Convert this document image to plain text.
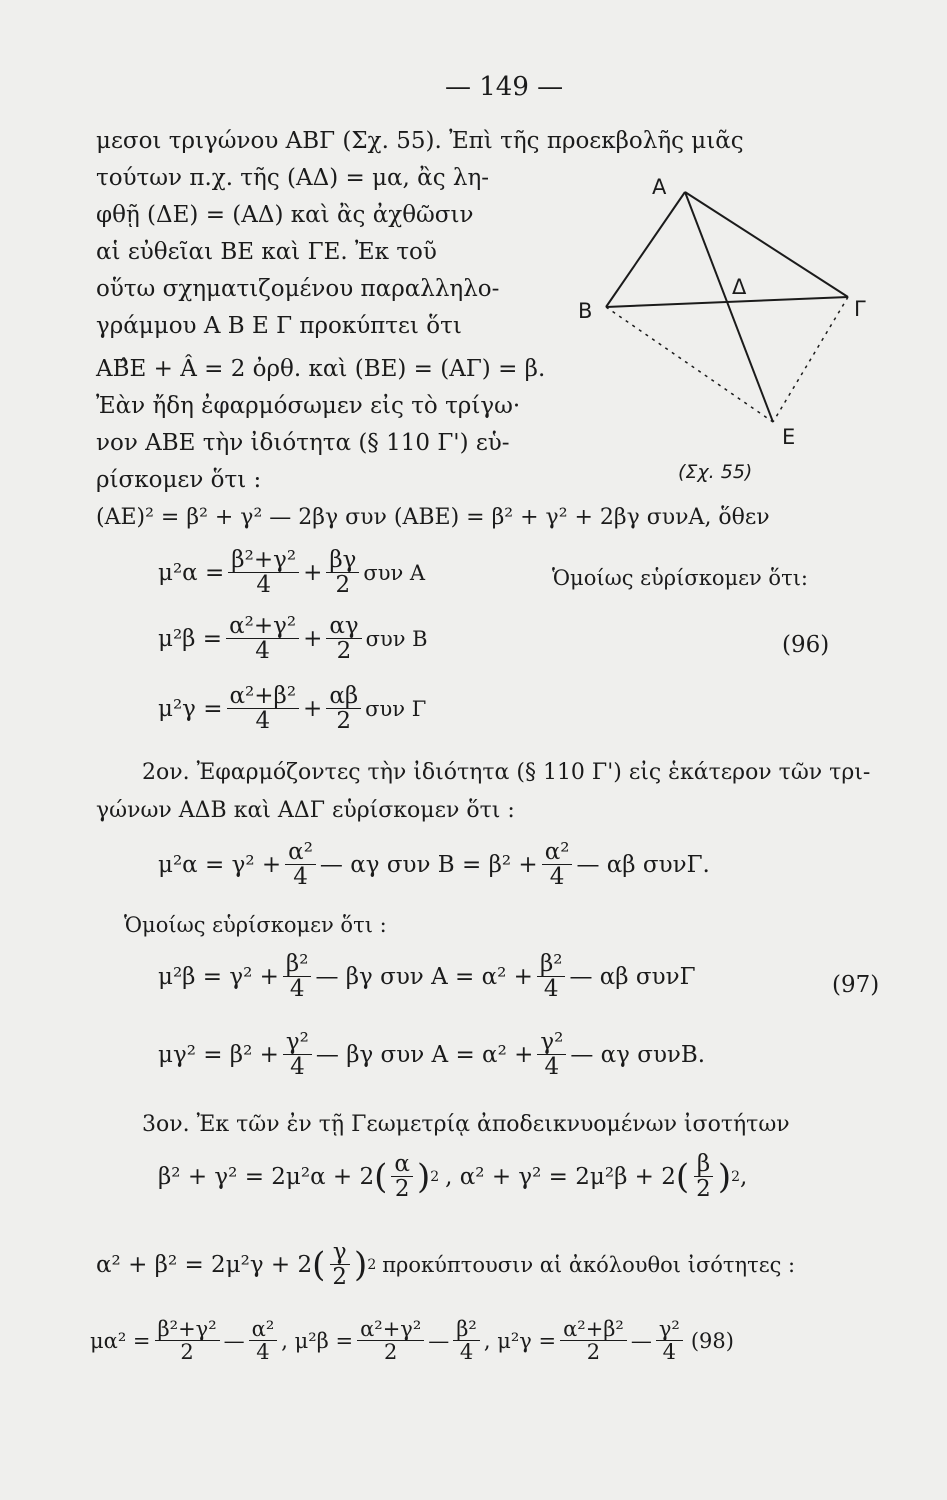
— 149 —
μεσοι τριγώνου ΑΒΓ (Σχ. 55). Ἐπὶ τῆς προεκβολῆς μιᾶς
τούτων π.χ. τῆς (ΑΔ) = μα, ἂς λη-
φθῇ (ΔΕ) = (ΑΔ) καὶ ἂς ἀχθῶσιν
αἱ εὐθεῖαι ΒΕ καὶ ΓΕ. Ἐκ τοῦ
οὕτω σχηματιζομένου παραλληλο-
γράμμου Α Β Ε Γ προκύπτει ὅτι
ΑΒ̂Ε + Â = 2 ὀρθ. καὶ (ΒΕ) = (ΑΓ) = β.
Ἐὰν ἤδη ἐφαρμόσωμεν εἰς τὸ τρίγω·
νον ΑΒΕ τὴν ἰδιότητα (§ 110 Γ') εὑ-
ρίσκομεν ὅτι :
A
B	Γ
Δ
E
(Σχ. 55)
(ΑΕ)² = β² + γ² — 2βγ συν (ΑΒΕ) = β² + γ² + 2βγ συνΑ, ὅθεν
Ὁμοίως εὑρίσκομεν ὅτι:
$\mu^2\alpha = \frac{\text{β²+γ²}}{4} + \frac{\beta\gamma}{2}$ συν Α
$\mu^2\beta = \frac{\text{α²+γ²}}{4} + \frac{\alpha\gamma}{2}$ συν Β
$\mu^2\gamma = \frac{\text{α²+β²}}{4} + \frac{\alpha\beta}{2}$ συν Γ
(96)
2ον. Ἐφαρμόζοντες τὴν ἰδιότητα (§ 110 Γ') εἰς ἑκάτερον τῶν τρι-
γώνων ΑΔΒ καὶ ΑΔΓ εὑρίσκομεν ὅτι :
$\mu^2\alpha = \gamma^2 + \frac{\text{α²}}{4}$ — αγ συν $B = \beta^2 + \frac{\text{α²}}{4}$ — αβ συνΓ.
Ὁμοίως εὑρίσκομεν ὅτι :
$\mu^2\beta = \gamma^2 + \frac{\text{β²}}{4}$ — βγ συν $A = \alpha^2 + \frac{\text{β²}}{4}$ — αβ συνΓ	(97)
$\mu\gamma^2 = \beta^2 + \frac{\text{γ²}}{4}$ — βγ συν $A = \alpha^2 + \frac{\text{γ²}}{4}$ — αγ συνΒ.
3ον. Ἐκ τῶν ἐν τῇ Γεωμετρίᾳ ἀποδεικνυομένων ἰσοτήτων
β² + γ² = 2μ²α + 2 ( $\frac{\alpha}{2}$ ) 2 , α² + γ² = 2μ²β + 2 ( $\frac{\beta}{2}$ ) 2 ,
α² + β² = 2μ²γ + 2 ( $\frac{\gamma}{2}$ ) 2 προκύπτουσιν αἱ ἀκόλουθοι ἰσότητες :
$\mu\alpha^2 = \frac{\text{β²+γ²}}{2}$ — $\frac{\text{α²}}{4}$ , $\mu^2\beta = \frac{\text{α²+γ²}}{2}$ — $\frac{\text{β²}}{4}$ , $\mu^2\gamma = \frac{\text{α²+β²}}{2}$ — $\frac{\text{γ²}}{4} (98)$
